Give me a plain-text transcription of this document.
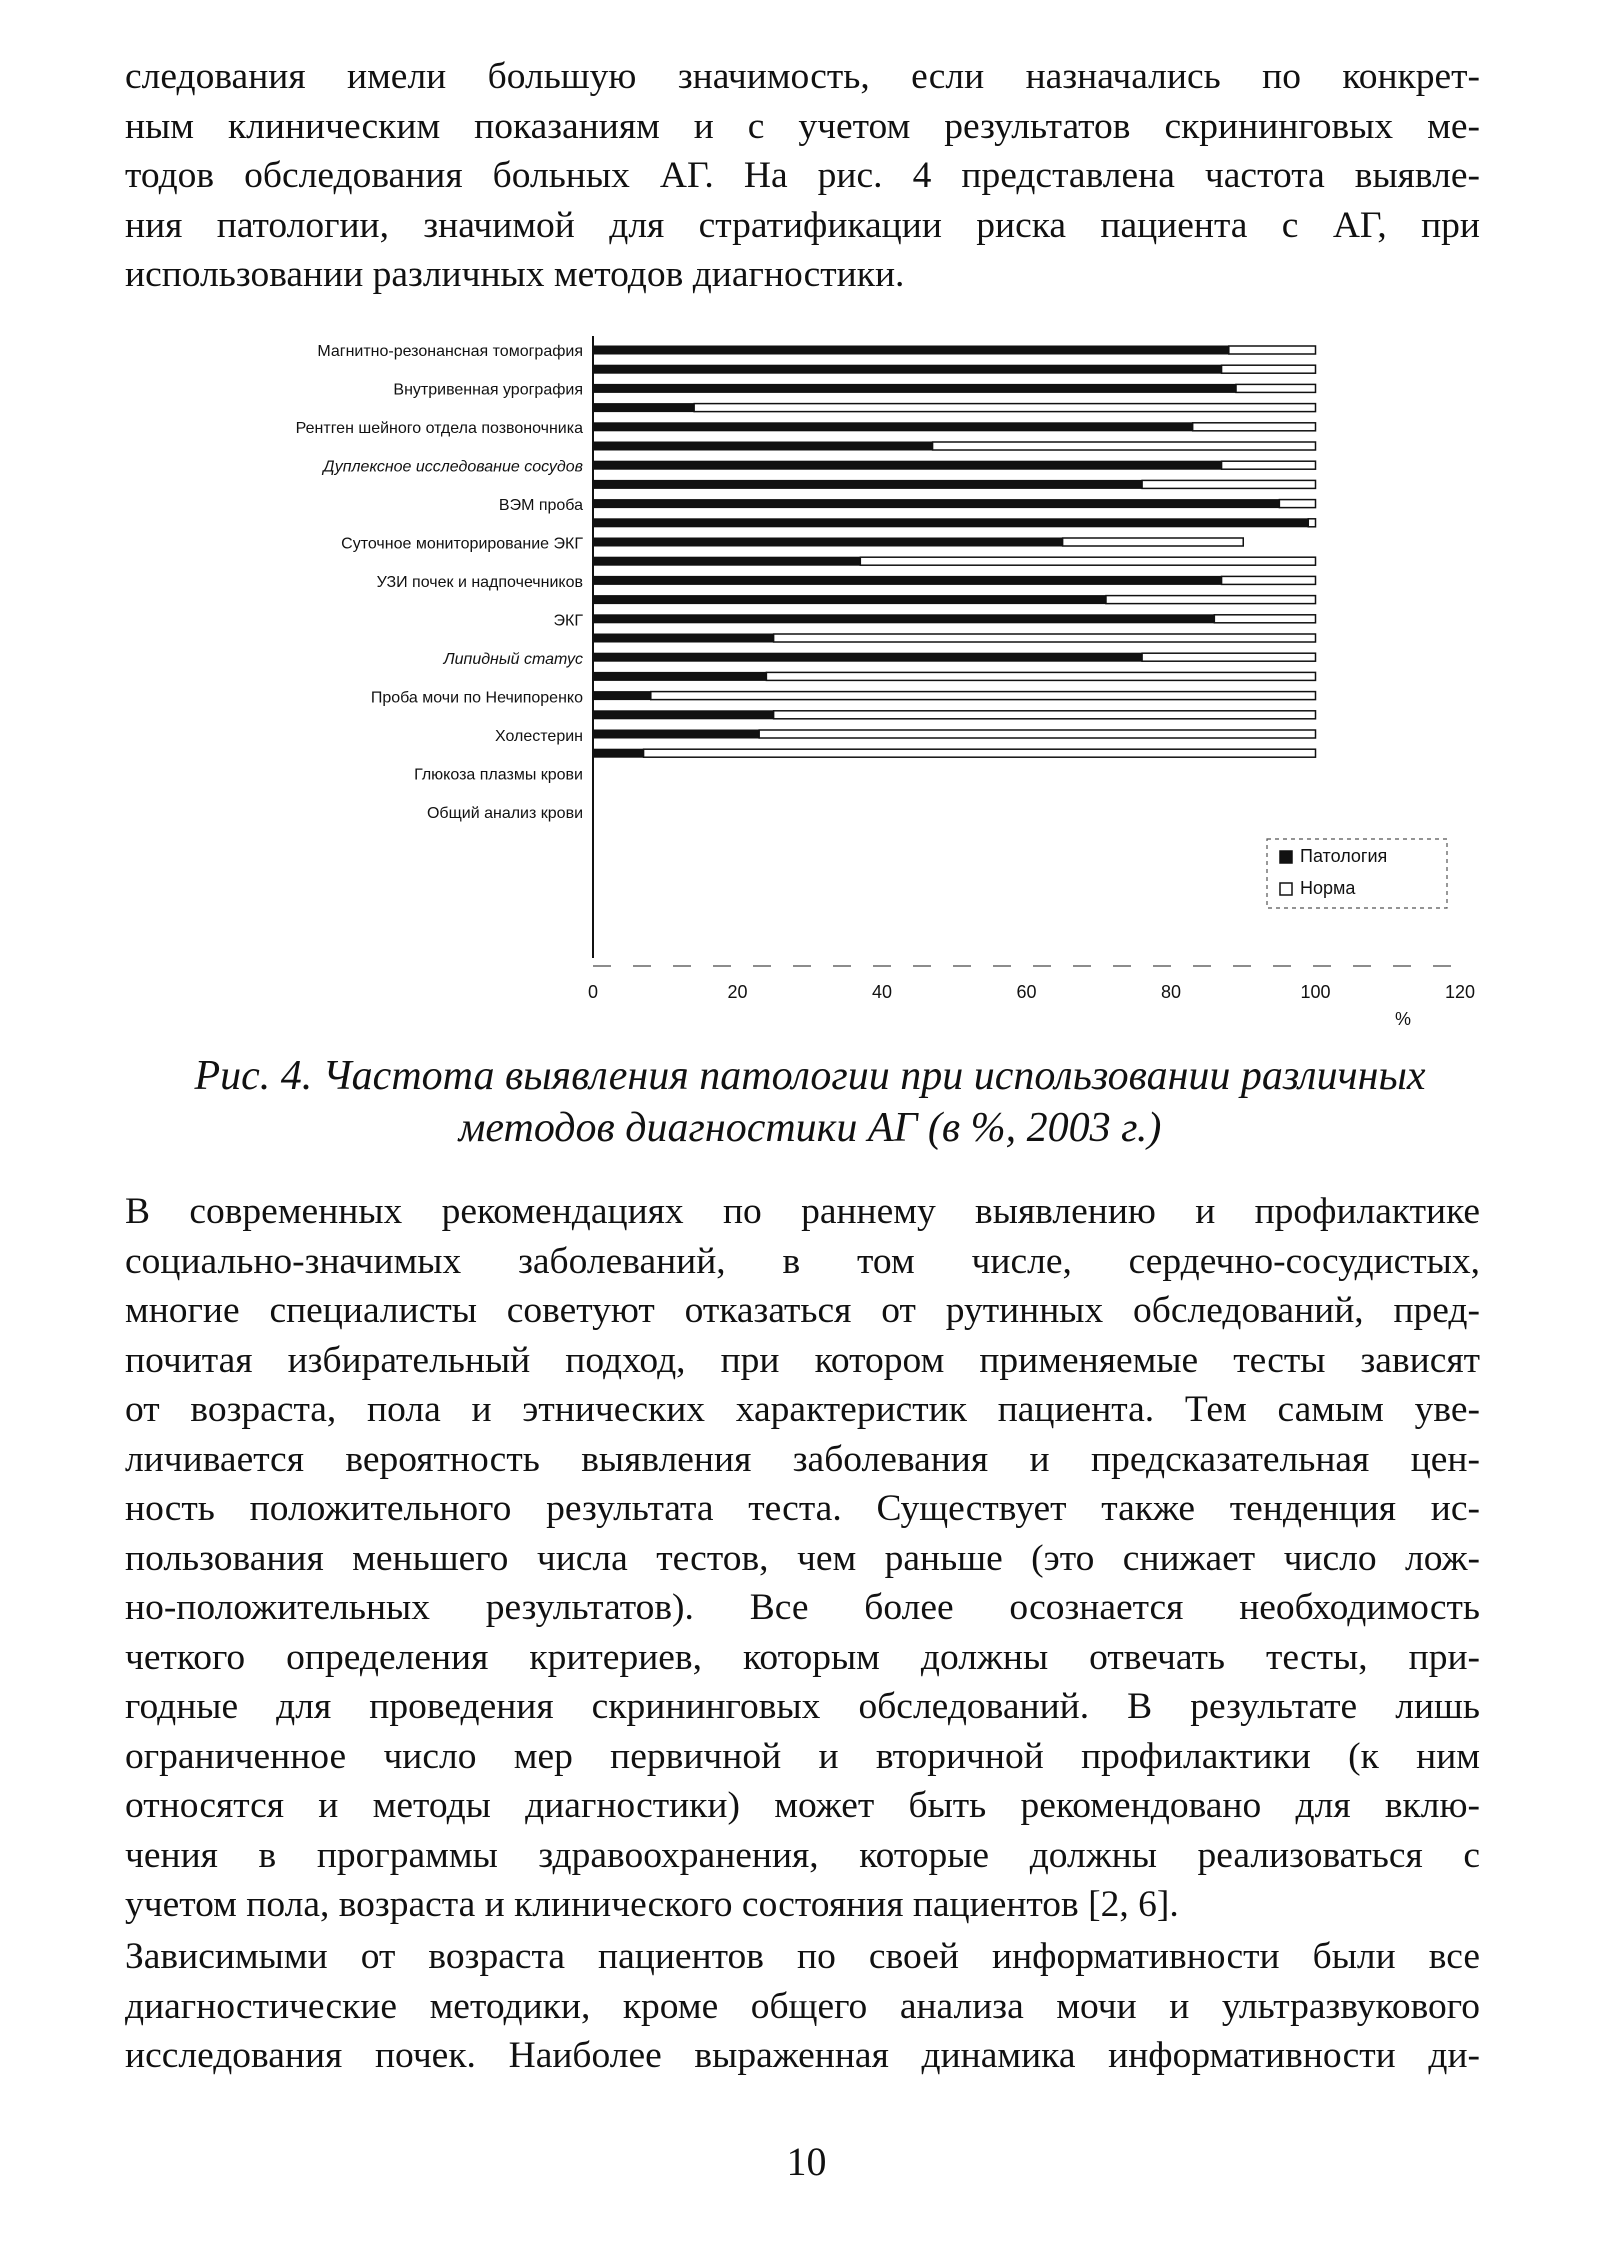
следования имели большую значимость, если назначались по конкрет-
ным клиническим показаниям и с учетом результатов скрининговых ме-
тодов обследования больных АГ. На рис. 4 представлена частота выявле-
ния патологии, значимой для стратификации риска пациента с АГ, при
использовании различных методов диагностики.

Магнитно-резонансная томография
Внутривенная урография
Рентген шейного отдела позвоночника
Дуплексное исследование сосудов
ВЭМ проба
Суточное мониторирование ЭКГ
УЗИ почек и надпочечников
ЭКГ
Липидный статус
Проба мочи по Нечипоренко
Холестерин
Глюкоза плазмы крови
Общий анализ крови
0	20	40	60	80	100	120
%
Патология
Норма
Рис. 4. Частота выявления патологии при использовании различных
методов диагностики АГ (в %, 2003 г.)

В современных рекомендациях по раннему выявлению и профилактике
социально-значимых заболеваний, в том числе, сердечно-сосудистых,
многие специалисты советуют отказаться от рутинных обследований, пред-
почитая избирательный подход, при котором применяемые тесты зависят
от возраста, пола и этнических характеристик пациента. Тем самым уве-
личивается вероятность выявления заболевания и предсказательная цен-
ность положительного результата теста. Существует также тенденция ис-
пользования меньшего числа тестов, чем раньше (это снижает число лож-
но-положительных результатов). Все более осознается необходимость
четкого определения критериев, которым должны отвечать тесты, при-
годные для проведения скрининговых обследований. В результате лишь
ограниченное число мер первичной и вторичной профилактики (к ним
относятся и методы диагностики) может быть рекомендовано для вклю-
чения в программы здравоохранения, которые должны реализоваться с
учетом пола, возраста и клинического состояния пациентов [2, 6].

Зависимыми от возраста пациентов по своей информативности были все
диагностические методики, кроме общего анализа мочи и ультразвукового
исследования почек. Наиболее выраженная динамика информативности ди-

10
